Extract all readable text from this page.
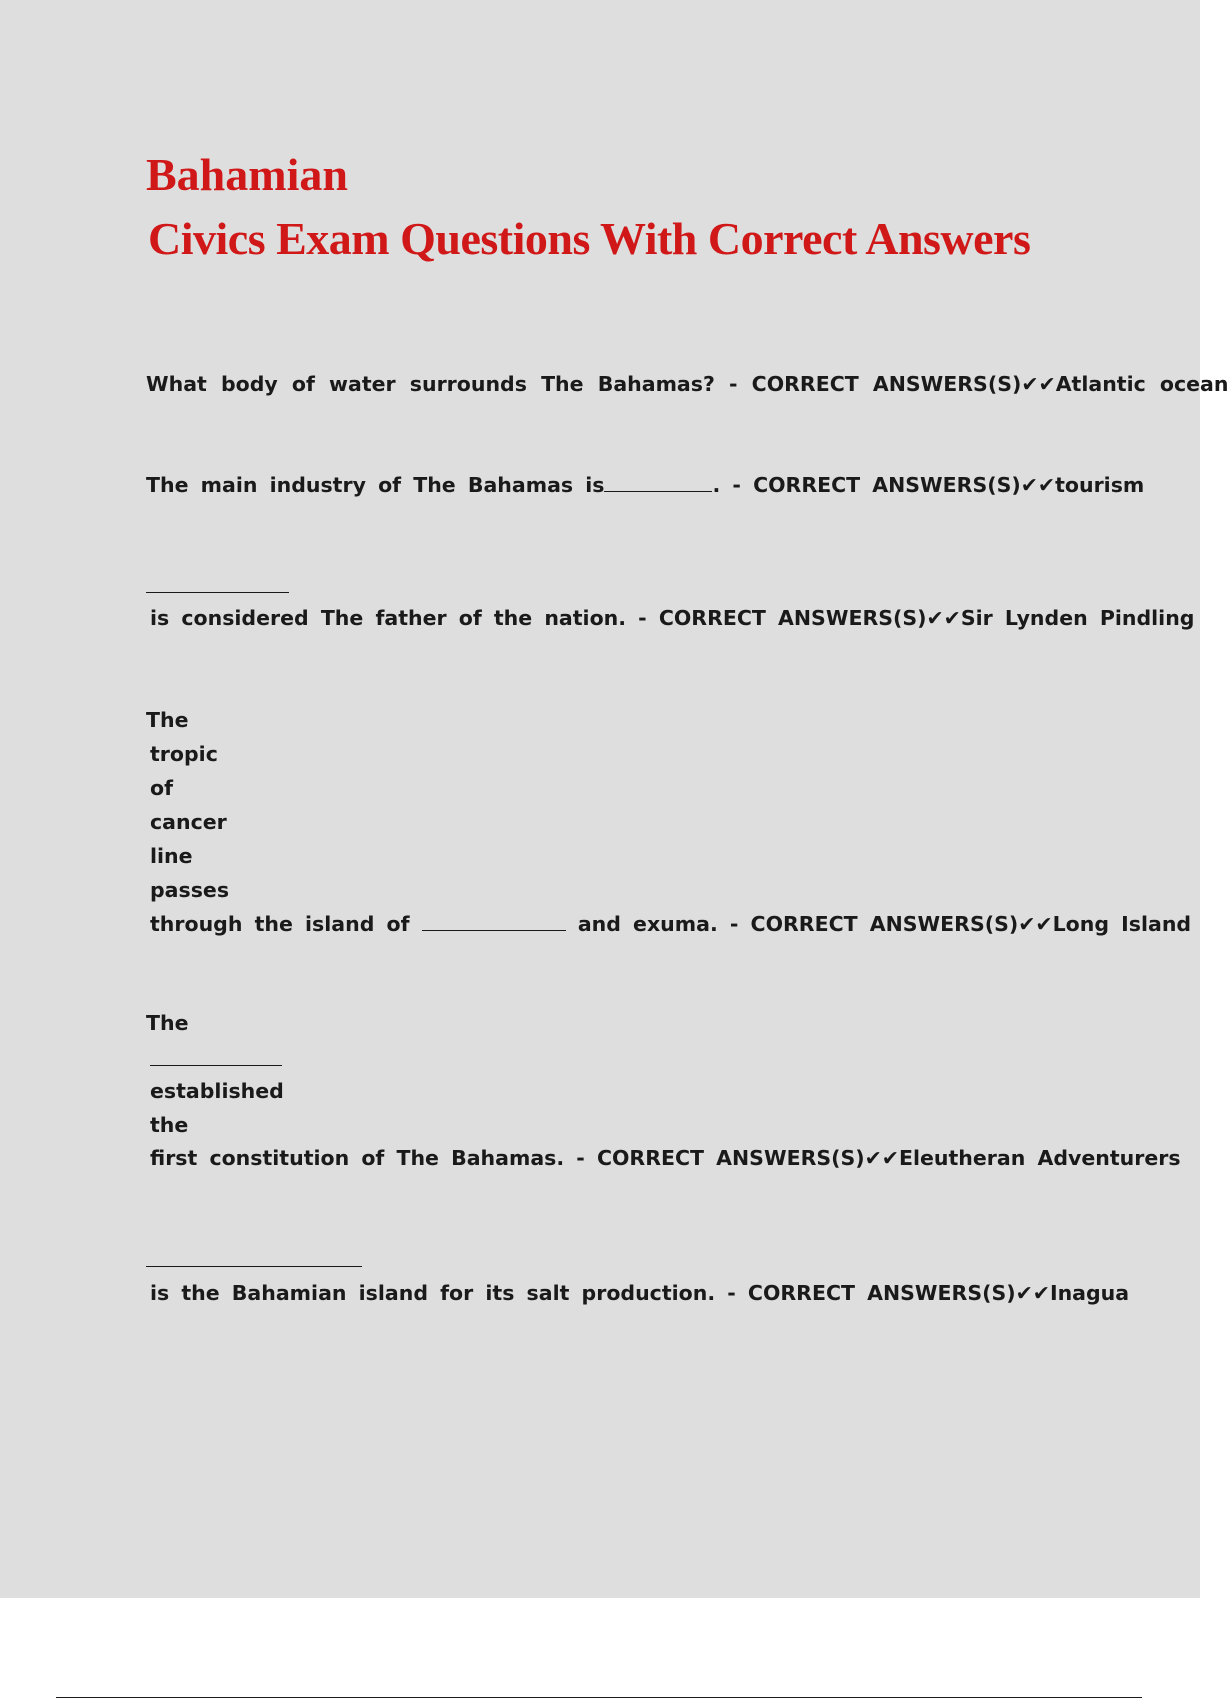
Bahamian
Civics Exam Questions With Correct Answers
What body of water surrounds The Bahamas? - CORRECT ANSWERS(S)✔✔Atlantic ocean
The main industry of The Bahamas is	. - CORRECT ANSWERS(S)✔✔tourism
is considered The father of the nation. - CORRECT ANSWERS(S)✔✔Sir Lynden Pindling
The
tropic
of
cancer
line
passes
through the island of	and exuma. - CORRECT ANSWERS(S)✔✔Long Island
The
established
the
first constitution of The Bahamas. - CORRECT ANSWERS(S)✔✔Eleutheran Adventurers
is the Bahamian island for its salt production. - CORRECT ANSWERS(S)✔✔Inagua
